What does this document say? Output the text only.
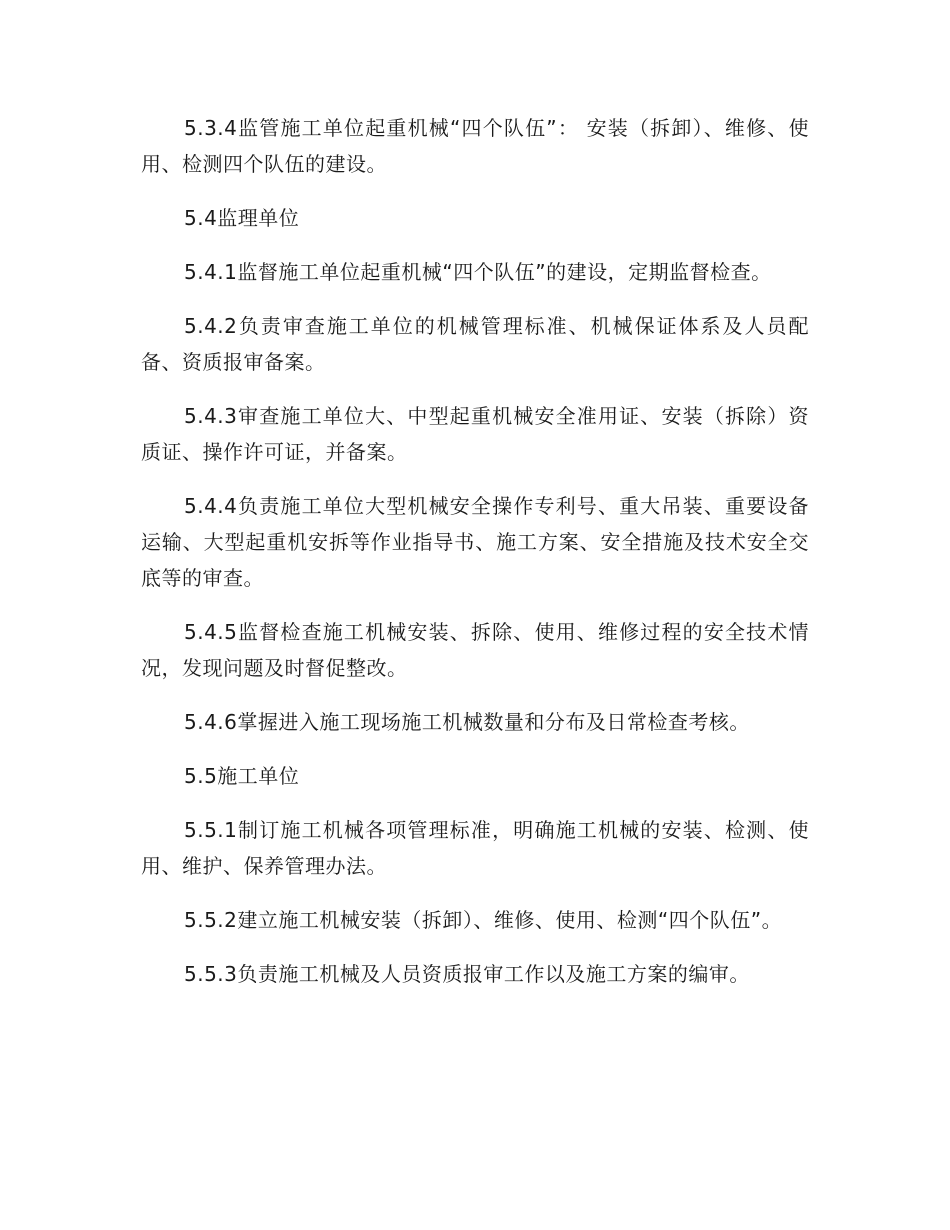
5.3.4监管施工单位起重机械“四个队伍”： 安装（拆卸）、维修、使用、检测四个队伍的建设。

5.4监理单位

5.4.1监督施工单位起重机械“四个队伍”的建设，定期监督检查。

5.4.2负责审查施工单位的机械管理标准、机械保证体系及人员配备、资质报审备案。

5.4.3审查施工单位大、中型起重机械安全准用证、安装（拆除）资质证、操作许可证，并备案。

5.4.4负责施工单位大型机械安全操作专利号、重大吊装、重要设备运输、大型起重机安拆等作业指导书、施工方案、安全措施及技术安全交底等的审查。

5.4.5监督检查施工机械安装、拆除、使用、维修过程的安全技术情况，发现问题及时督促整改。

5.4.6掌握进入施工现场施工机械数量和分布及日常检查考核。

5.5施工单位

5.5.1制订施工机械各项管理标准，明确施工机械的安装、检测、使用、维护、保养管理办法。

5.5.2建立施工机械安装（拆卸）、维修、使用、检测“四个队伍”。

5.5.3负责施工机械及人员资质报审工作以及施工方案的编审。
